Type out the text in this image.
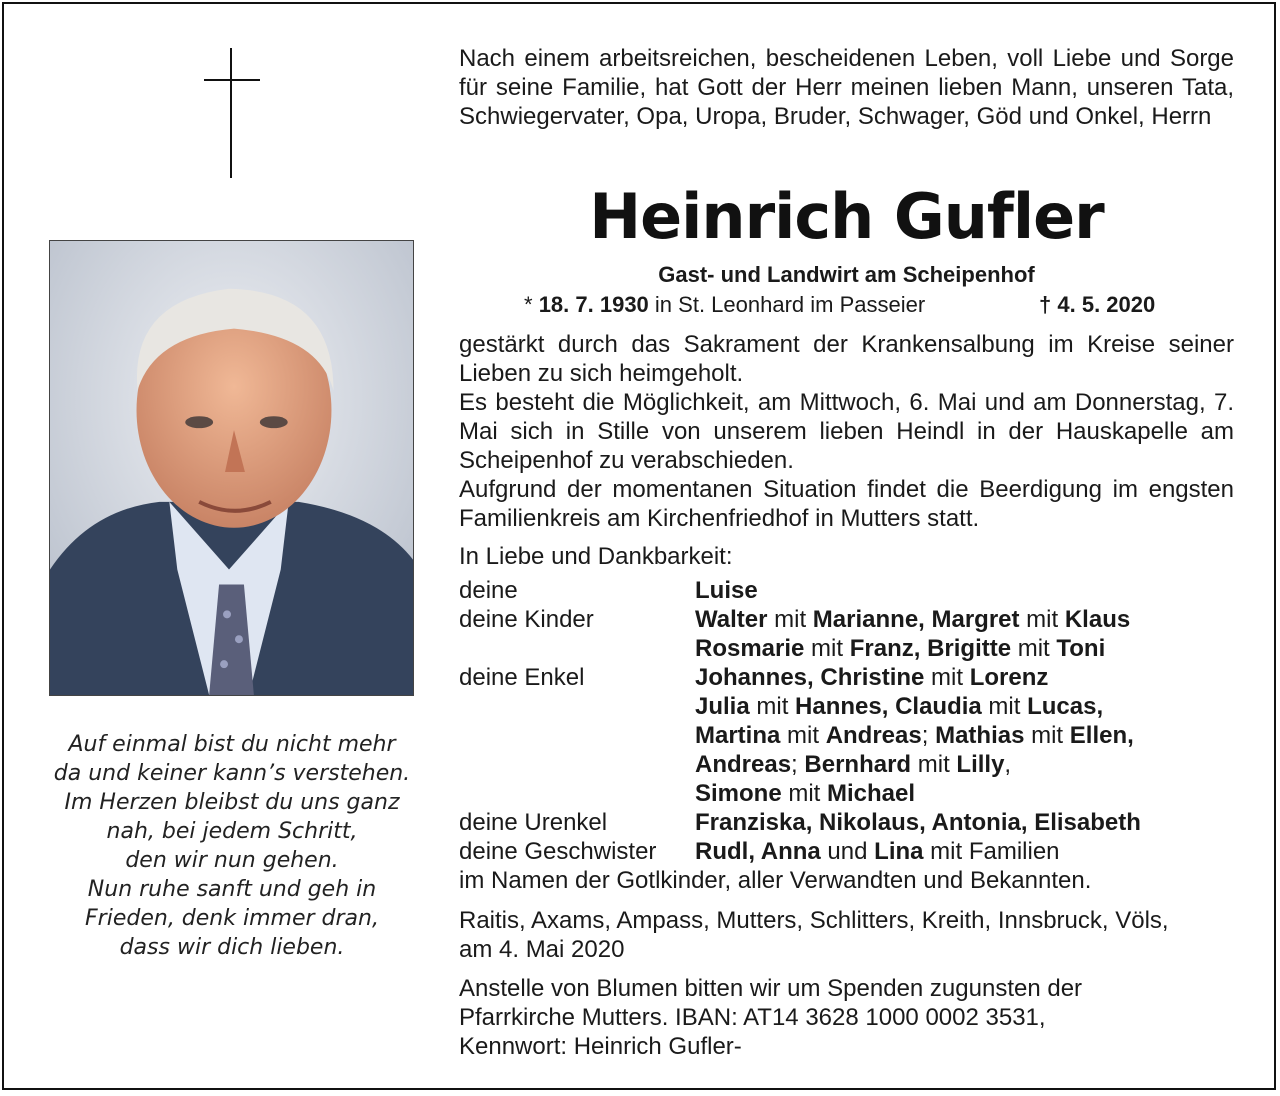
Auf einmal bist du nicht mehr
da und keiner kann’s verstehen.
Im Herzen bleibst du uns ganz
nah, bei jedem Schritt,
den wir nun gehen.
Nun ruhe sanft und geh in
Frieden, denk immer dran,
dass wir dich lieben.
Nach einem arbeitsreichen, bescheidenen Leben, voll Liebe und Sorge für seine Familie, hat Gott der Herr meinen lieben Mann, unseren Tata, Schwiegervater, Opa, Uropa, Bruder, Schwager, Göd und Onkel, Herrn
Heinrich Gufler
Gast- und Landwirt am Scheipenhof
* 18. 7. 1930 in St. Leonhard im Passeier	† 4. 5. 2020

gestärkt durch das Sakrament der Krankensalbung im Kreise seiner Lieben zu sich heimgeholt.

Es besteht die Möglichkeit, am Mittwoch, 6. Mai und am Donnerstag, 7. Mai sich in Stille von unserem lieben Heindl in der Hauskapelle am Scheipenhof zu verabschieden.

Aufgrund der momentanen Situation findet die Beerdigung im engsten Familienkreis am Kirchenfriedhof in Mutters statt.

In Liebe und Dankbarkeit:
deine	Luise
deine Kinder	Walter mit Marianne, Margret mit Klaus
Rosmarie mit Franz, Brigitte mit Toni
deine Enkel	Johannes, Christine mit Lorenz
Julia mit Hannes, Claudia mit Lucas,
Martina mit Andreas; Mathias mit Ellen,
Andreas; Bernhard mit Lilly,
Simone mit Michael
deine Urenkel	Franziska, Nikolaus, Antonia, Elisabeth
deine Geschwister Rudl, Anna und Lina mit Familien
im Namen der Gotlkinder, aller Verwandten und Bekannten.
Raitis, Axams, Ampass, Mutters, Schlitters, Kreith, Innsbruck, Völs,
am 4. Mai 2020
Anstelle von Blumen bitten wir um Spenden zugunsten der
Pfarrkirche Mutters. IBAN: AT14 3628 1000 0002 3531,
Kennwort: Heinrich Gufler-
